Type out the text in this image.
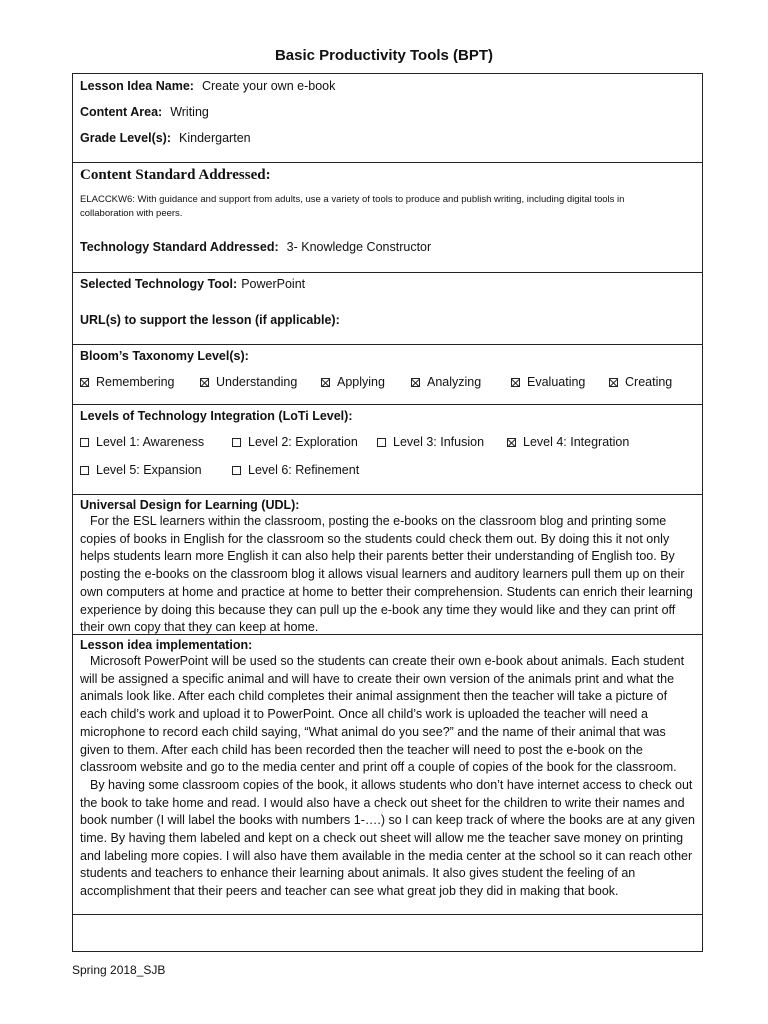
Basic Productivity Tools (BPT)
Lesson Idea Name: Create your own e-book
Content Area: Writing
Grade Level(s): Kindergarten
Content Standard Addressed:
ELACCKW6: With guidance and support from adults, use a variety of tools to produce and publish writing, including digital tools in
collaboration with peers.
Technology Standard Addressed: 3- Knowledge Constructor
Selected Technology Tool: PowerPoint
URL(s) to support the lesson (if applicable):
Bloom’s Taxonomy Level(s):
Remembering	Understanding	Applying	Analyzing	Evaluating	Creating
Levels of Technology Integration (LoTi Level):
Level 1: Awareness	Level 2: Exploration	Level 3: Infusion	Level 4: Integration
Level 5: Expansion	Level 6: Refinement
Universal Design for Learning (UDL):

For the ESL learners within the classroom, posting the e-books on the classroom blog and printing some copies of books in English for the classroom so the students could check them out. By doing this it not only helps students learn more English it can also help their parents better their understanding of English too. By posting the e-books on the classroom blog it allows visual learners and auditory learners pull them up on their own computers at home and practice at home to better their comprehension. Students can enrich their learning experience by doing this because they can pull up the e-book any time they would like and they can print off their own copy that they can keep at home.

Lesson idea implementation:

Microsoft PowerPoint will be used so the students can create their own e-book about animals. Each student will be assigned a specific animal and will have to create their own version of the animals print and what the animals look like. After each child completes their animal assignment then the teacher will take a picture of each child’s work and upload it to PowerPoint. Once all child’s work is uploaded the teacher will need a microphone to record each child saying, “What animal do you see?” and the name of their animal that was given to them. After each child has been recorded then the teacher will need to post the e-book on the classroom website and go to the media center and print off a couple of copies of the book for the classroom.

By having some classroom copies of the book, it allows students who don’t have internet access to check out the book to take home and read. I would also have a check out sheet for the children to write their names and book number (I will label the books with numbers 1-….) so I can keep track of where the books are at any given time. By having them labeled and kept on a check out sheet will allow me the teacher save money on printing and labeling more copies. I will also have them available in the media center at the school so it can reach other students and teachers to enhance their learning about animals. It also gives student the feeling of an accomplishment that their peers and teacher can see what great job they did in making that book.

Spring 2018_SJB
